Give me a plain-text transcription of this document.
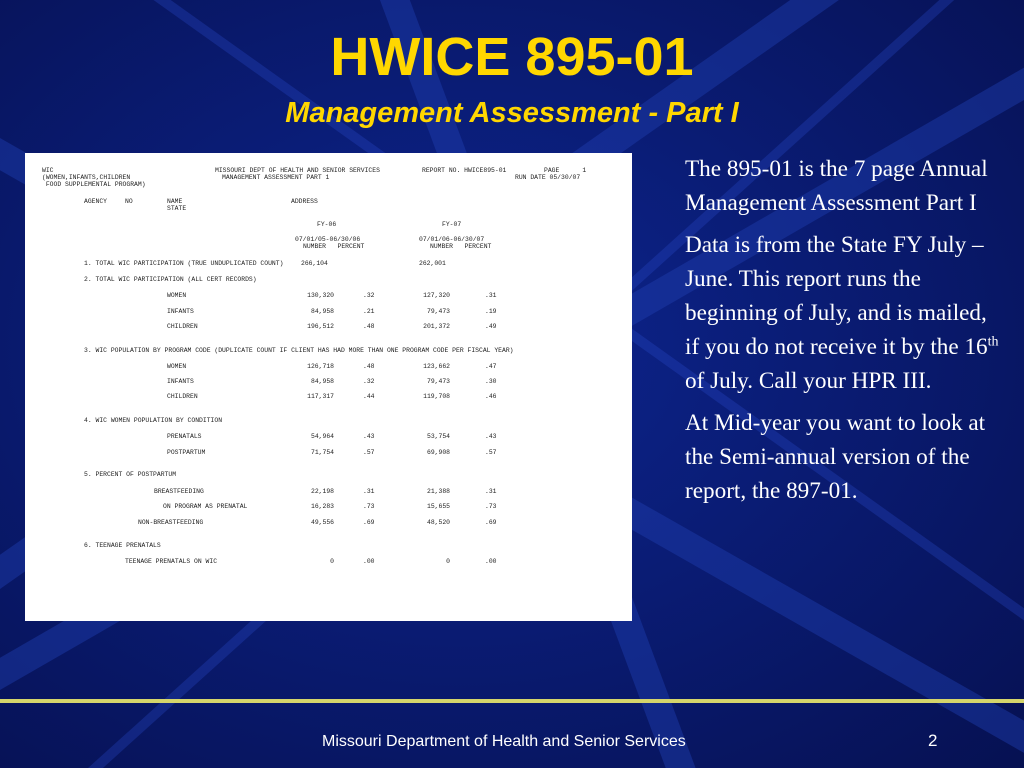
HWICE 895-01
Management Assessment - Part I
WIC	MISSOURI DEPT OF HEALTH AND SENIOR SERVICES	REPORT NO. HWICE895-01	PAGE      1
(WOMEN,INFANTS,CHILDREN	MANAGEMENT ASSESSMENT PART 1	RUN DATE 05/30/07
FOOD SUPPLEMENTAL PROGRAM)
AGENCY	NO	NAME	ADDRESS
STATE
FY-06	FY-07
07/01/05-06/30/06	07/01/06-06/30/07
NUMBER   PERCENT	NUMBER   PERCENT
1. TOTAL WIC PARTICIPATION (TRUE UNDUPLICATED COUNT)	266,104	262,001
2. TOTAL WIC PARTICIPATION (ALL CERT RECORDS)
WOMEN	130,320	.32	127,320	.31
INFANTS	84,958	.21	79,473	.19
CHILDREN	196,512	.48	201,372	.49
3. WIC POPULATION BY PROGRAM CODE (DUPLICATE COUNT IF CLIENT HAS HAD MORE THAN ONE PROGRAM CODE PER FISCAL YEAR)
WOMEN	126,718	.48	123,662	.47
INFANTS	84,958	.32	79,473	.30
CHILDREN	117,317	.44	119,708	.46
4. WIC WOMEN POPULATION BY CONDITION
PRENATALS	54,964	.43	53,754	.43
POSTPARTUM	71,754	.57	69,908	.57
5. PERCENT OF POSTPARTUM
BREASTFEEDING	22,198	.31	21,388	.31
ON PROGRAM AS PRENATAL	16,283	.73	15,655	.73
NON-BREASTFEEDING	49,556	.69	48,520	.69
6. TEENAGE PRENATALS
TEENAGE PRENATALS ON WIC	0	.00	0	.00

The 895-01 is the 7 page Annual Management Assessment Part I

Data is from the State FY July – June. This report runs the beginning of July, and is mailed, if you do not receive it by the 16th of July. Call your HPR III.

At Mid-year you want to look at the Semi-annual version of the report, the 897-01.

Missouri Department of Health and Senior Services	2
